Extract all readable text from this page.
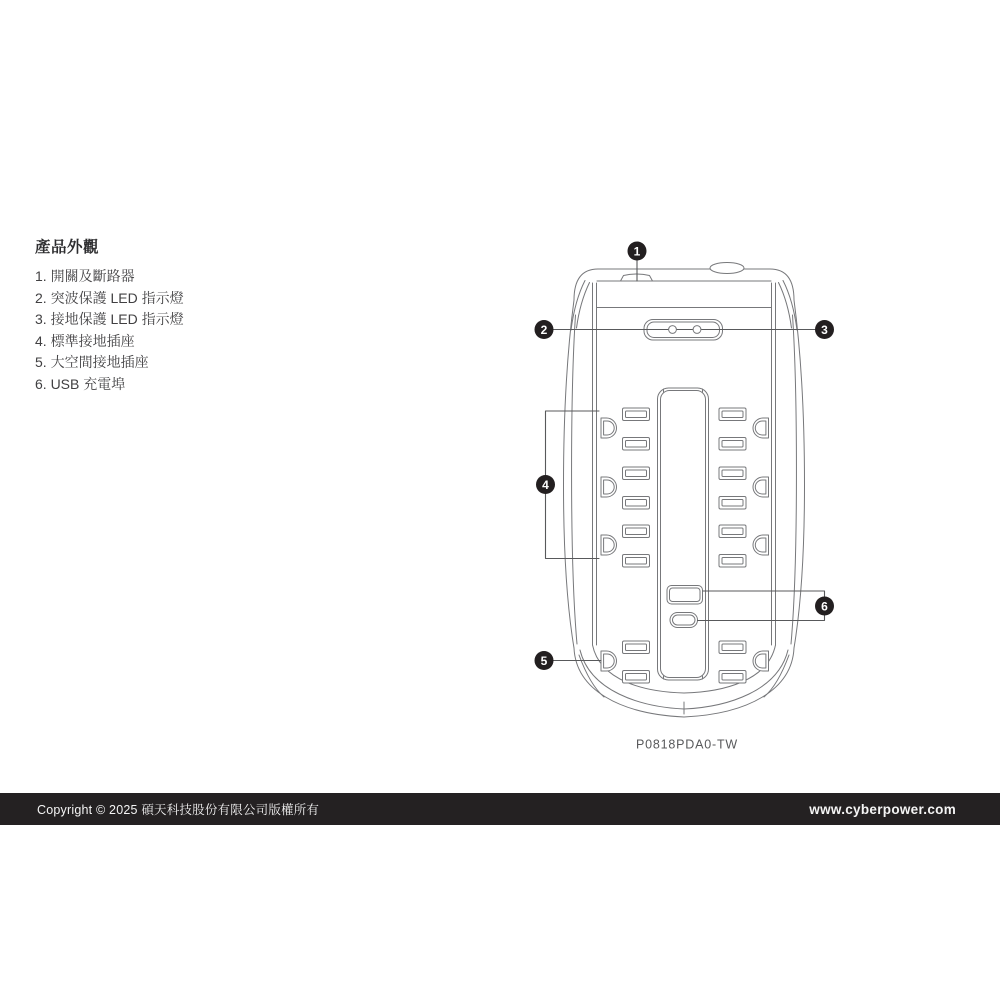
產品外觀
1. 開關及斷路器
2. 突波保護 LED 指示燈
3. 接地保護 LED 指示燈
4. 標準接地插座
5. 大空間接地插座
6. USB 充電埠
1
2	3
4
5
6
P0818PDA0-TW
Copyright © 2025 碩天科技股份有限公司版權所有	www.cyberpower.com
